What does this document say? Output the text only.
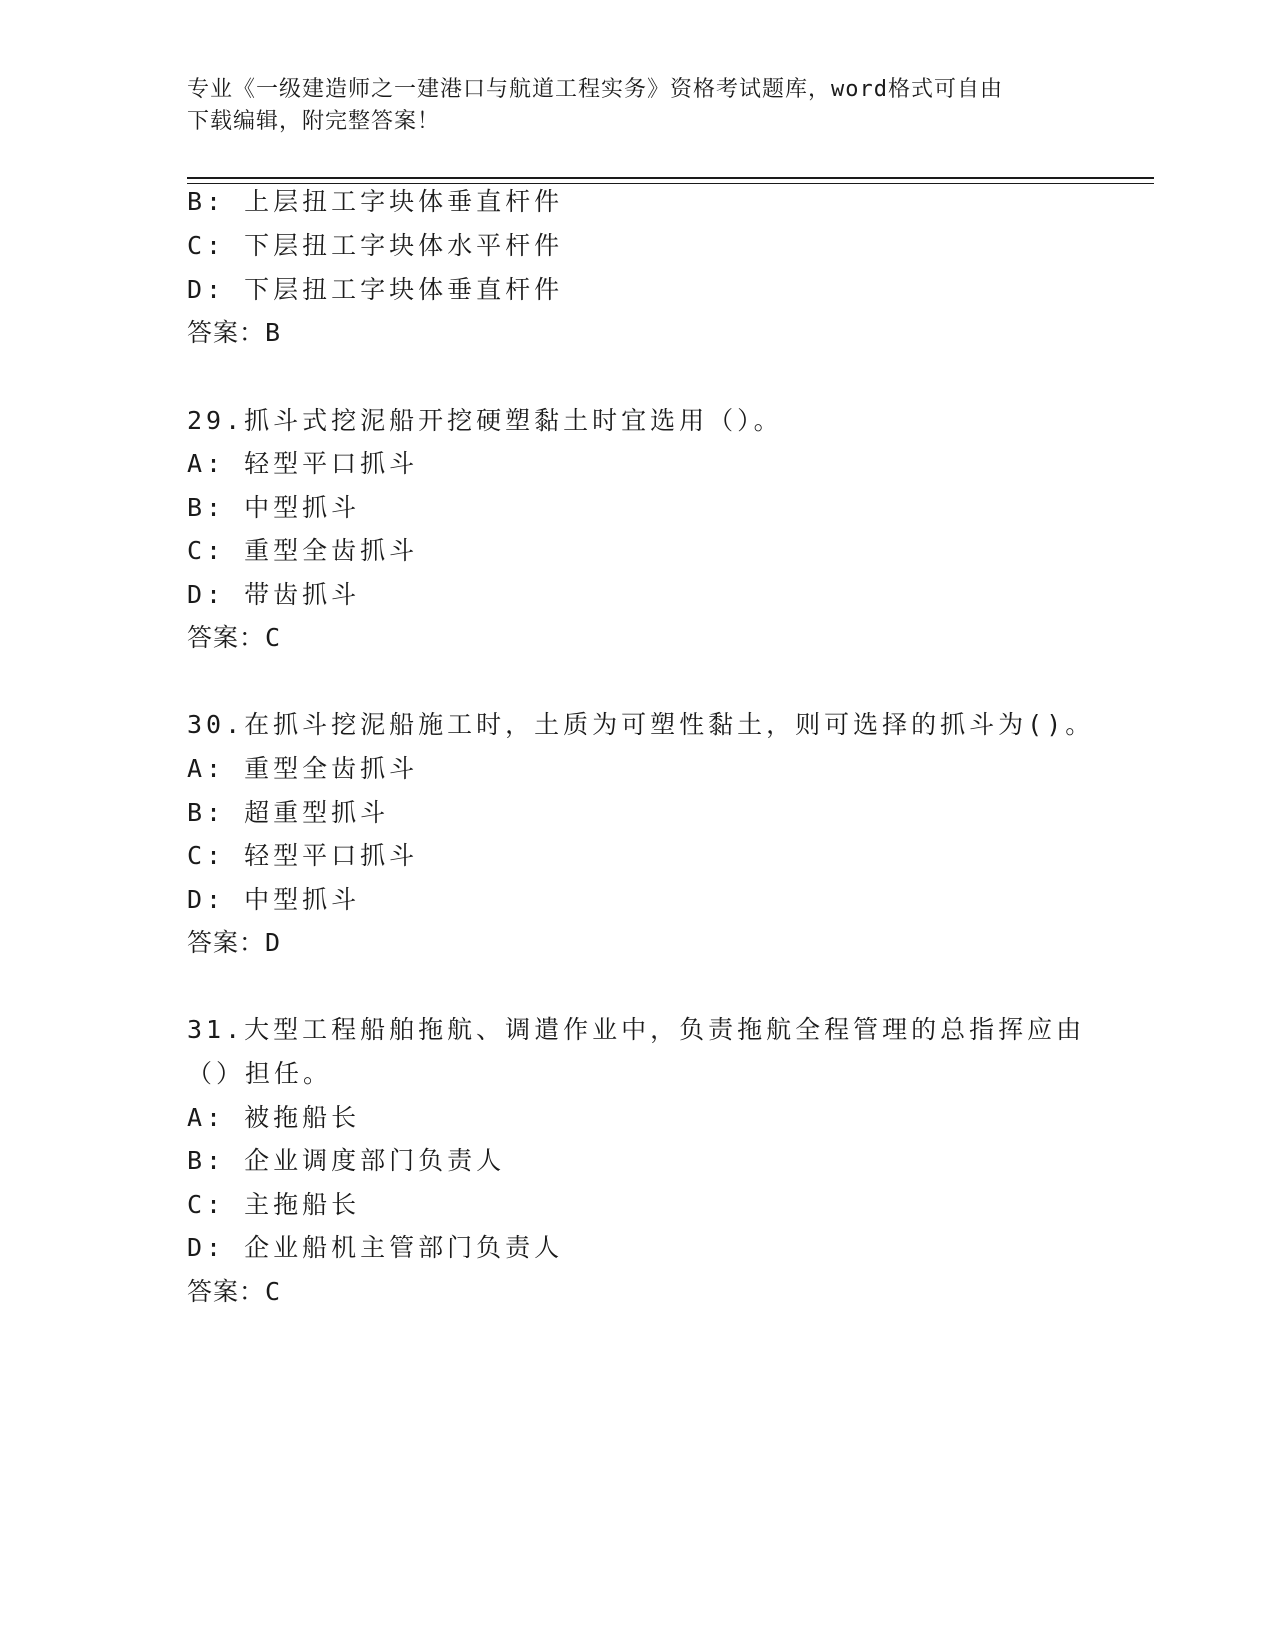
专业《一级建造师之一建港口与航道工程实务》资格考试题库，word格式可自由
下载编辑，附完整答案！
B: 上层扭工字块体垂直杆件
C: 下层扭工字块体水平杆件
D: 下层扭工字块体垂直杆件
答案：B
29.抓斗式挖泥船开挖硬塑黏土时宜选用（）。
A: 轻型平口抓斗
B: 中型抓斗
C: 重型全齿抓斗
D: 带齿抓斗
答案：C
30.在抓斗挖泥船施工时，土质为可塑性黏土，则可选择的抓斗为()。
A: 重型全齿抓斗
B: 超重型抓斗
C: 轻型平口抓斗
D: 中型抓斗
答案：D
31.大型工程船舶拖航、调遣作业中，负责拖航全程管理的总指挥应由
（）担任。
A: 被拖船长
B: 企业调度部门负责人
C: 主拖船长
D: 企业船机主管部门负责人
答案：C
